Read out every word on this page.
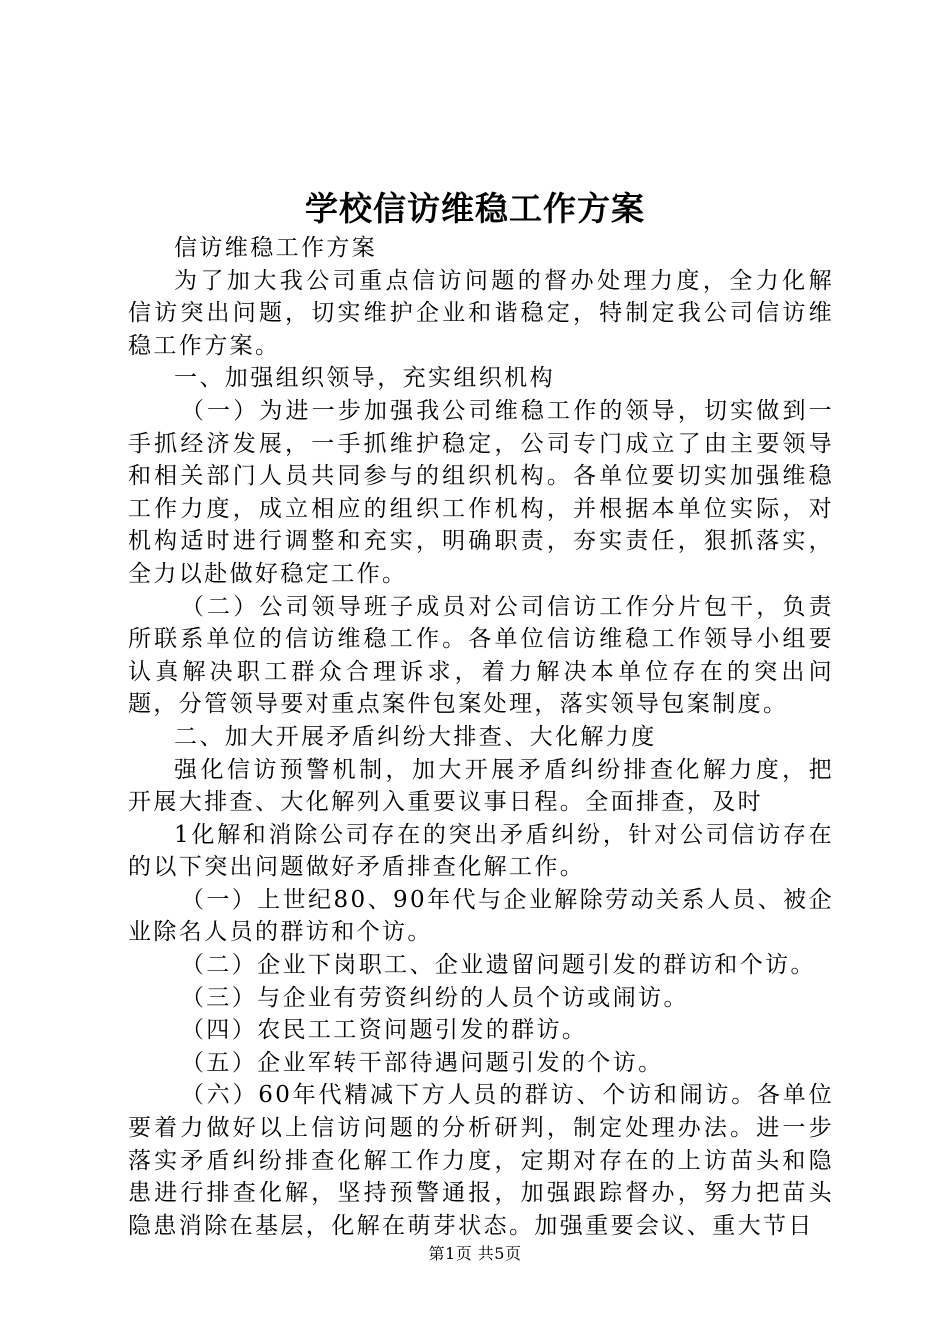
学校信访维稳工作方案

信访维稳工作方案

为了加大我公司重点信访问题的督办处理力度，全力化解信访突出问题，切实维护企业和谐稳定，特制定我公司信访维稳工作方案。

一、加强组织领导，充实组织机构

（一）为进一步加强我公司维稳工作的领导，切实做到一手抓经济发展，一手抓维护稳定，公司专门成立了由主要领导和相关部门人员共同参与的组织机构。各单位要切实加强维稳工作力度，成立相应的组织工作机构，并根据本单位实际，对机构适时进行调整和充实，明确职责，夯实责任，狠抓落实，全力以赴做好稳定工作。

（二）公司领导班子成员对公司信访工作分片包干，负责所联系单位的信访维稳工作。各单位信访维稳工作领导小组要认真解决职工群众合理诉求，着力解决本单位存在的突出问题，分管领导要对重点案件包案处理，落实领导包案制度。

二、加大开展矛盾纠纷大排查、大化解力度

强化信访预警机制，加大开展矛盾纠纷排查化解力度，把开展大排查、大化解列入重要议事日程。全面排查，及时

1化解和消除公司存在的突出矛盾纠纷，针对公司信访存在的以下突出问题做好矛盾排查化解工作。

（一）上世纪80、90年代与企业解除劳动关系人员、被企业除名人员的群访和个访。

（二）企业下岗职工、企业遗留问题引发的群访和个访。

（三）与企业有劳资纠纷的人员个访或闹访。

（四）农民工工资问题引发的群访。

（五）企业军转干部待遇问题引发的个访。

（六）60年代精减下方人员的群访、个访和闹访。各单位要着力做好以上信访问题的分析研判，制定处理办法。进一步落实矛盾纠纷排查化解工作力度，定期对存在的上访苗头和隐患进行排查化解，坚持预警通报，加强跟踪督办，努力把苗头隐患消除在基层，化解在萌芽状态。加强重要会议、重大节日

第1页 共5页
